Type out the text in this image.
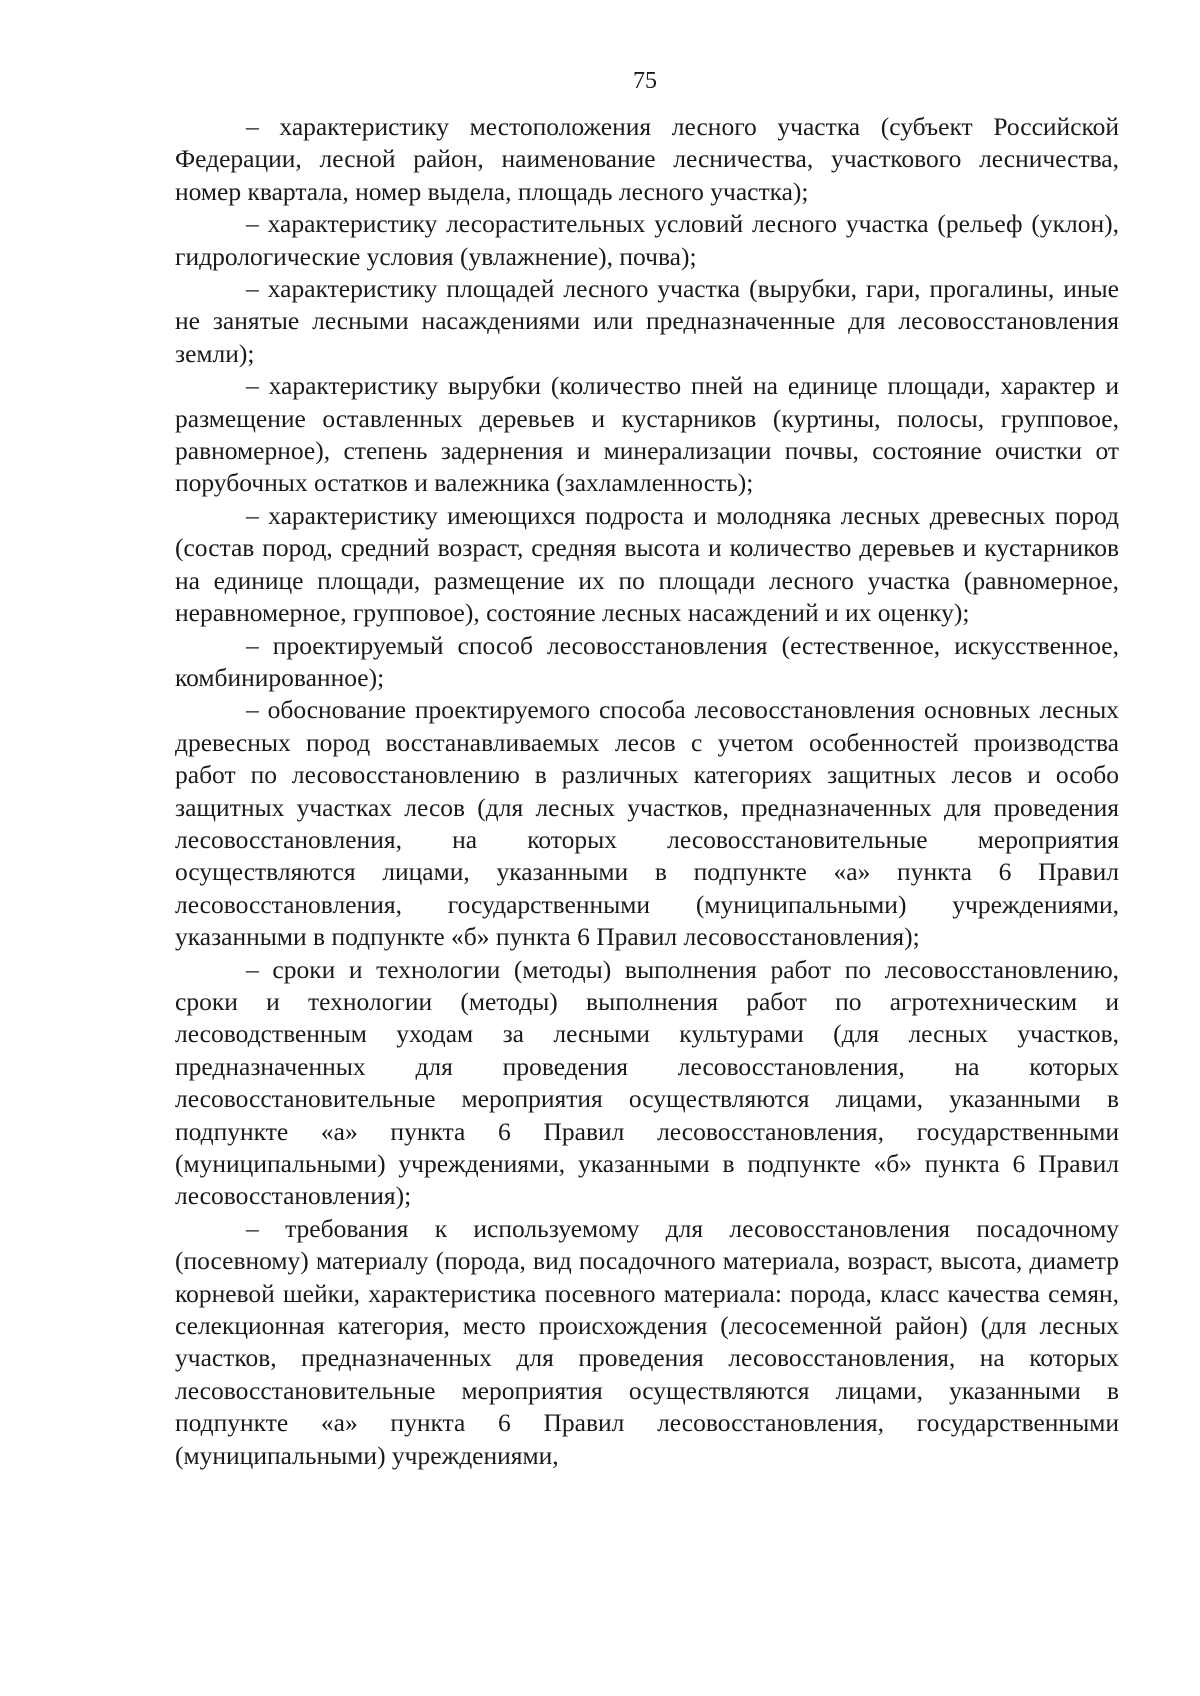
75

– характеристику местоположения лесного участка (субъект Российской Федерации, лесной район, наименование лесничества, участкового лесничества, номер квартала, номер выдела, площадь лесного участка);

– характеристику лесорастительных условий лесного участка (рельеф (уклон), гидрологические условия (увлажнение), почва);

– характеристику площадей лесного участка (вырубки, гари, прогалины, иные не занятые лесными насаждениями или предназначенные для лесовосстановления земли);

– характеристику вырубки (количество пней на единице площади, характер и размещение оставленных деревьев и кустарников (куртины, полосы, групповое, равномерное), степень задернения и минерализации почвы, состояние очистки от порубочных остатков и валежника (захламленность);

– характеристику имеющихся подроста и молодняка лесных древесных пород (состав пород, средний возраст, средняя высота и количество деревьев и кустарников на единице площади, размещение их по площади лесного участка (равномерное, неравномерное, групповое), состояние лесных насаждений и их оценку);

– проектируемый способ лесовосстановления (естественное, искусственное, комбинированное);

– обоснование проектируемого способа лесовосстановления основных лесных древесных пород восстанавливаемых лесов с учетом особенностей производства работ по лесовосстановлению в различных категориях защитных лесов и особо защитных участках лесов (для лесных участков, предназначенных для проведения лесовосстановления, на которых лесовосстановительные мероприятия осуществляются лицами, указанными в подпункте «а» пункта 6 Правил лесовосстановления, государственными (муниципальными) учреждениями, указанными в подпункте «б» пункта 6 Правил лесовосстановления);

– сроки и технологии (методы) выполнения работ по лесовосстановлению, сроки и технологии (методы) выполнения работ по агротехническим и лесоводственным уходам за лесными культурами (для лесных участков, предназначенных для проведения лесовосстановления, на которых лесовосстановительные мероприятия осуществляются лицами, указанными в подпункте «а» пункта 6 Правил лесовосстановления, государственными (муниципальными) учреждениями, указанными в подпункте «б» пункта 6 Правил лесовосстановления);

– требования к используемому для лесовосстановления посадочному (посевному) материалу (порода, вид посадочного материала, возраст, высота, диаметр корневой шейки, характеристика посевного материала: порода, класс качества семян, селекционная категория, место происхождения (лесосеменной район) (для лесных участков, предназначенных для проведения лесовосстановления, на которых лесовосстановительные мероприятия осуществляются лицами, указанными в подпункте «а» пункта 6 Правил лесовосстановления, государственными (муниципальными) учреждениями,
